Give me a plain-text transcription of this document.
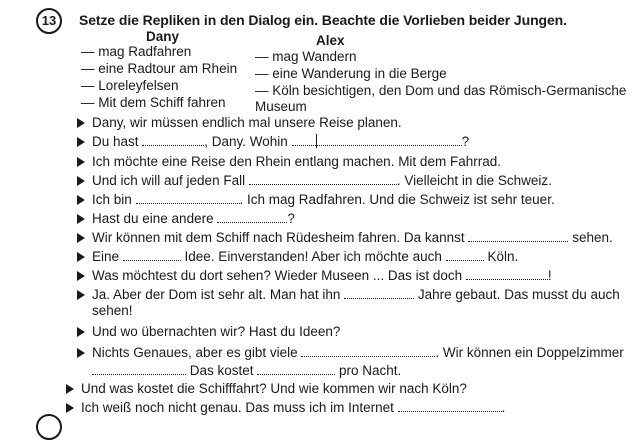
13	Setze die Repliken in den Dialog ein. Beachte die Vorlieben beider Jungen.
Dany	Alex
— mag Radfahren
— eine Radtour am Rhein
— Loreleyfelsen
— Mit dem Schiff fahren
— mag Wandern
— eine Wanderung in die Berge
— Köln besichtigen, den Dom und das Römisch-Germanische
Museum
Dany, wir müssen endlich mal unsere Reise planen.
Du hast	, Dany. Wohin	?
Ich möchte eine Reise den Rhein entlang machen. Mit dem Fahrrad.
Und ich will auf jeden Fall	. Vielleicht in die Schweiz.
Ich bin	. Ich mag Radfahren. Und die Schweiz ist sehr teuer.
Hast du eine andere	?
Wir können mit dem Schiff nach Rüdesheim fahren. Da kannst	sehen.
Eine	Idee. Einverstanden! Aber ich möchte auch	Köln.
Was möchtest du dort sehen? Wieder Museen ... Das ist doch	!
Ja. Aber der Dom ist sehr alt. Man hat ihn	Jahre gebaut. Das musst du auch
sehen!
Und wo übernachten wir? Hast du Ideen?
Nichts Genaues, aber es gibt viele	. Wir können ein Doppelzimmer
Das kostet	pro Nacht.
Und was kostet die Schifffahrt? Und wie kommen wir nach Köln?
Ich weiß noch nicht genau. Das muss ich im Internet	.
